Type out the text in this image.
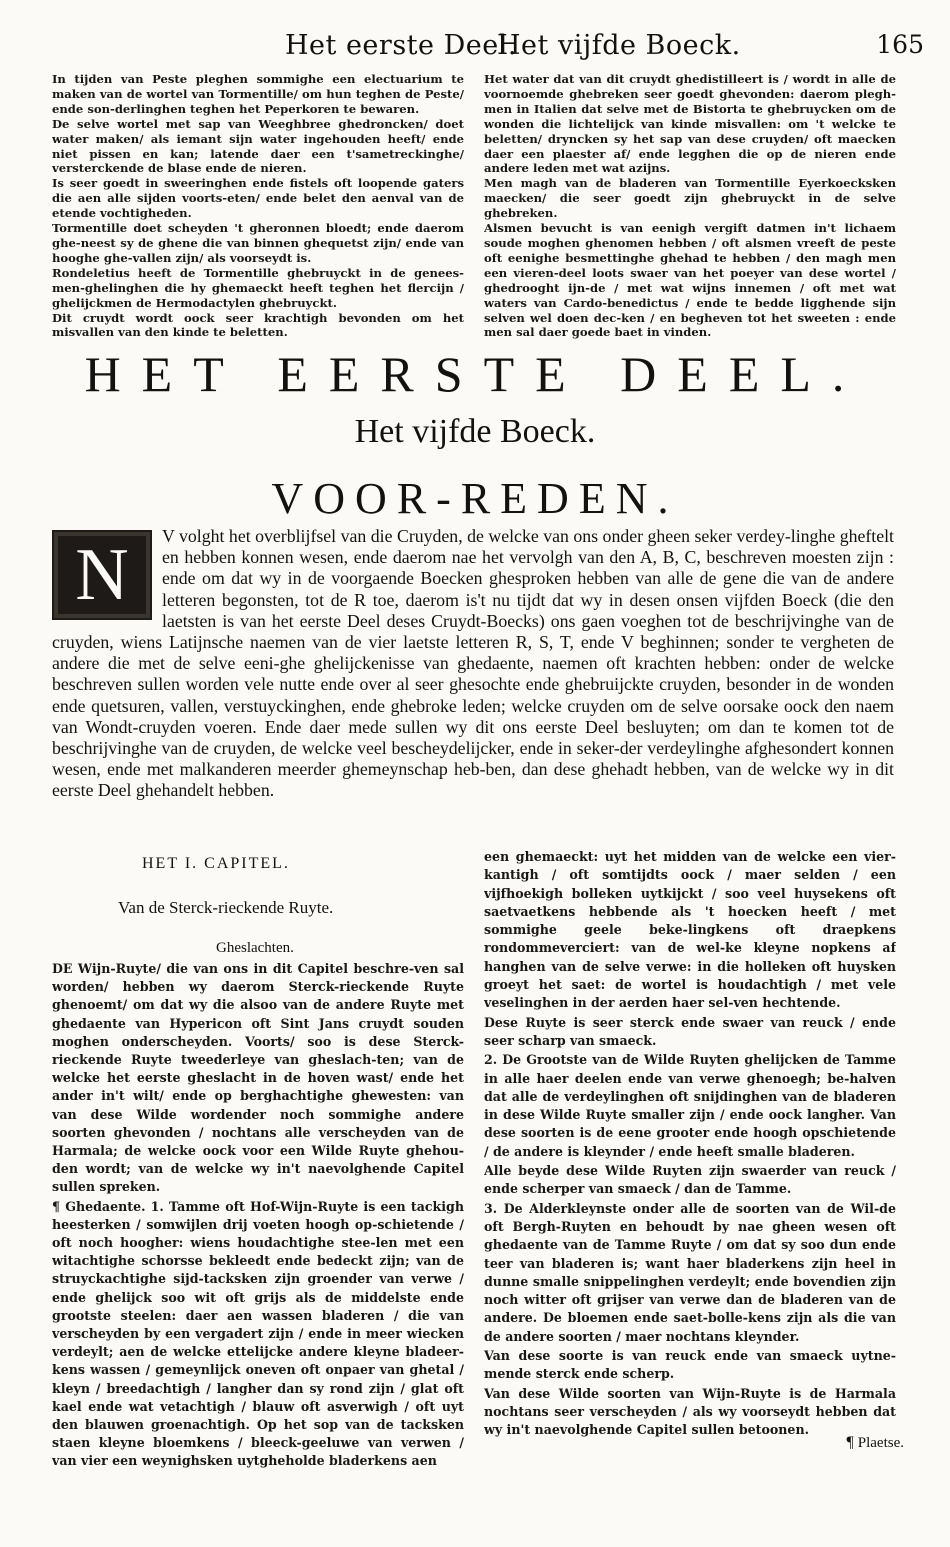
Het eerste Deel.
Het vijfde Boeck.	165

In tijden van Peste pleghen sommighe een electuarium te maken van de wortel van Tormentille/ om hun teghen de Peste/ ende son-derlinghen teghen het Peperkoren te bewaren.

De selve wortel met sap van Weeghbree ghedroncken/ doet water maken/ als iemant sijn water ingehouden heeft/ ende niet pissen en kan; latende daer een t'sametreckinghe/ versterckende de blase ende de nieren.

Is seer goedt in sweeringhen ende fistels oft loopende gaters die aen alle sijden voorts-eten/ ende belet den aenval van de etende vochtigheden.

Tormentille doet scheyden 't gheronnen bloedt; ende daerom ghe-neest sy de ghene die van binnen ghequetst zijn/ ende van hooghe ghe-vallen zijn/ als voorseydt is.

Rondeletius heeft de Tormentille ghebruyckt in de genees-men-ghelinghen die hy ghemaeckt heeft teghen het flercijn / ghelijckmen de Hermodactylen ghebruyckt.

Dit cruydt wordt oock seer krachtigh bevonden om het misvallen van den kinde te beletten.

Het water dat van dit cruydt ghedistilleert is / wordt in alle de voornoemde ghebreken seer goedt ghevonden: daerom plegh-men in Italien dat selve met de Bistorta te ghebruycken om de wonden die lichtelijck van kinde misvallen: om 't welcke te beletten/ dryncken sy het sap van dese cruyden/ oft maecken daer een plaester af/ ende legghen die op de nieren ende andere leden met wat azijns.

Men magh van de bladeren van Tormentille Eyerkoecksken maecken/ die seer goedt zijn ghebruyckt in de selve ghebreken.

Alsmen bevucht is van eenigh vergift datmen in't lichaem soude moghen ghenomen hebben / oft alsmen vreeft de peste oft eenighe besmettinghe ghehad te hebben / den magh men een vieren-deel loots swaer van het poeyer van dese wortel / ghedrooght ijn-de / met wat wijns innemen / oft met wat waters van Cardo-benedictus / ende te bedde ligghende sijn selven wel doen dec-ken / en begheven tot het sweeten : ende men sal daer goede baet in vinden.

HET EERSTE DEEL.
Het vijfde Boeck.
VOOR-REDEN.
N	V volght het overblijfsel van die Cruyden, de welcke van ons onder gheen seker verdey-linghe gheftelt en hebben konnen wesen, ende daerom nae het vervolgh van den A, B, C, beschreven moesten zijn : ende om dat wy in de voorgaende Boecken ghesproken hebben van alle de gene die van de andere letteren begonsten, tot de R toe, daerom is't nu tijdt dat wy in desen onsen vijfden Boeck (die den laetsten is van het eerste Deel deses Cruydt-Boecks) ons gaen voeghen tot de beschrijvinghe van de cruyden, wiens Latijnsche naemen van de vier laetste letteren R, S, T, ende V beghinnen; sonder te vergheten de andere die met de selve eeni-ghe ghelijckenisse van ghedaente, naemen oft krachten hebben: onder de welcke beschreven sullen worden vele nutte ende over al seer ghesochte ende ghebruijckte cruyden, besonder in de wonden ende quetsuren, vallen, verstuyckinghen, ende ghebroke leden; welcke cruyden om de selve oorsake oock den naem van Wondt-cruyden voeren. Ende daer mede sullen wy dit ons eerste Deel besluyten; om dan te komen tot de beschrijvinghe van de cruyden, de welcke veel bescheydelijcker, ende in seker-der verdeylinghe afghesondert konnen wesen, ende met malkanderen meerder ghemeynschap heb-ben, dan dese ghehadt hebben, van de welcke wy in dit eerste Deel ghehandelt hebben.
HET I. CAPITEL.
Van de Sterck-rieckende Ruyte.
Gheslachten.

DE Wijn-Ruyte/ die van ons in dit Capitel beschre-ven sal worden/ hebben wy daerom Sterck-rieckende Ruyte ghenoemt/ om dat wy die alsoo van de andere Ruyte met ghedaente van Hypericon oft Sint Jans cruydt souden moghen onderscheyden. Voorts/ soo is dese Sterck-rieckende Ruyte tweederleye van gheslach-ten; van de welcke het eerste gheslacht in de hoven wast/ ende het ander in't wilt/ ende op berghachtighe ghewesten: van van dese Wilde wordender noch sommighe andere soorten ghevonden / nochtans alle verscheyden van de Harmala; de welcke oock voor een Wilde Ruyte ghehou-den wordt; van de welcke wy in't naevolghende Capitel sullen spreken.

¶ Ghedaente. 1. Tamme oft Hof-Wijn-Ruyte is een tackigh heesterken / somwijlen drij voeten hoogh op-schietende / oft noch hoogher: wiens houdachtighe stee-len met een witachtighe schorsse bekleedt ende bedeckt zijn; van de struyckachtighe sijd-tacksken zijn groender van verwe / ende ghelijck soo wit oft grijs als de middelste ende grootste steelen: daer aen wassen bladeren / die van verscheyden by een vergadert zijn / ende in meer wiecken verdeylt; aen de welcke ettelijcke andere kleyne bladeer-kens wassen / gemeynlijck oneven oft onpaer van ghetal / kleyn / breedachtigh / langher dan sy rond zijn / glat oft kael ende wat vetachtigh / blauw oft asverwigh / oft uyt den blauwen groenachtigh. Op het sop van de tacksken staen kleyne bloemkens / bleeck-geeluwe van verwen / van vier een weynighsken uytgheholde bladerkens aen

een ghemaeckt: uyt het midden van de welcke een vier-kantigh / oft somtijdts oock / maer selden / een vijfhoekigh bolleken uytkijckt / soo veel huysekens oft saetvaetkens hebbende als 't hoecken heeft / met sommighe geele beke-lingkens oft draepkens rondommeverciert: van de wel-ke kleyne nopkens af hanghen van de selve verwe: in die holleken oft huysken groeyt het saet: de wortel is houdachtigh / met vele veselinghen in der aerden haer sel-ven hechtende.

Dese Ruyte is seer sterck ende swaer van reuck / ende seer scharp van smaeck.

2. De Grootste van de Wilde Ruyten ghelijcken de Tamme in alle haer deelen ende van verwe ghenoegh; be-halven dat alle de verdeylinghen oft snijdinghen van de bladeren in dese Wilde Ruyte smaller zijn / ende oock langher. Van dese soorten is de eene grooter ende hoogh opschietende / de andere is kleynder / ende heeft smalle bladeren.

Alle beyde dese Wilde Ruyten zijn swaerder van reuck / ende scherper van smaeck / dan de Tamme.

3. De Alderkleynste onder alle de soorten van de Wil-de oft Bergh-Ruyten en behoudt by nae gheen wesen oft ghedaente van de Tamme Ruyte / om dat sy soo dun ende teer van bladeren is; want haer bladerkens zijn heel in dunne smalle snippelinghen verdeylt; ende bovendien zijn noch witter oft grijser van verwe dan de bladeren van de andere. De bloemen ende saet-bolle-kens zijn als die van de andere soorten / maer nochtans kleynder.

Van dese soorte is van reuck ende van smaeck uytne-mende sterck ende scherp.

Van dese Wilde soorten van Wijn-Ruyte is de Harmala nochtans seer verscheyden / als wy voorseydt hebben dat wy in't naevolghende Capitel sullen betoonen.

¶ Plaetse.
